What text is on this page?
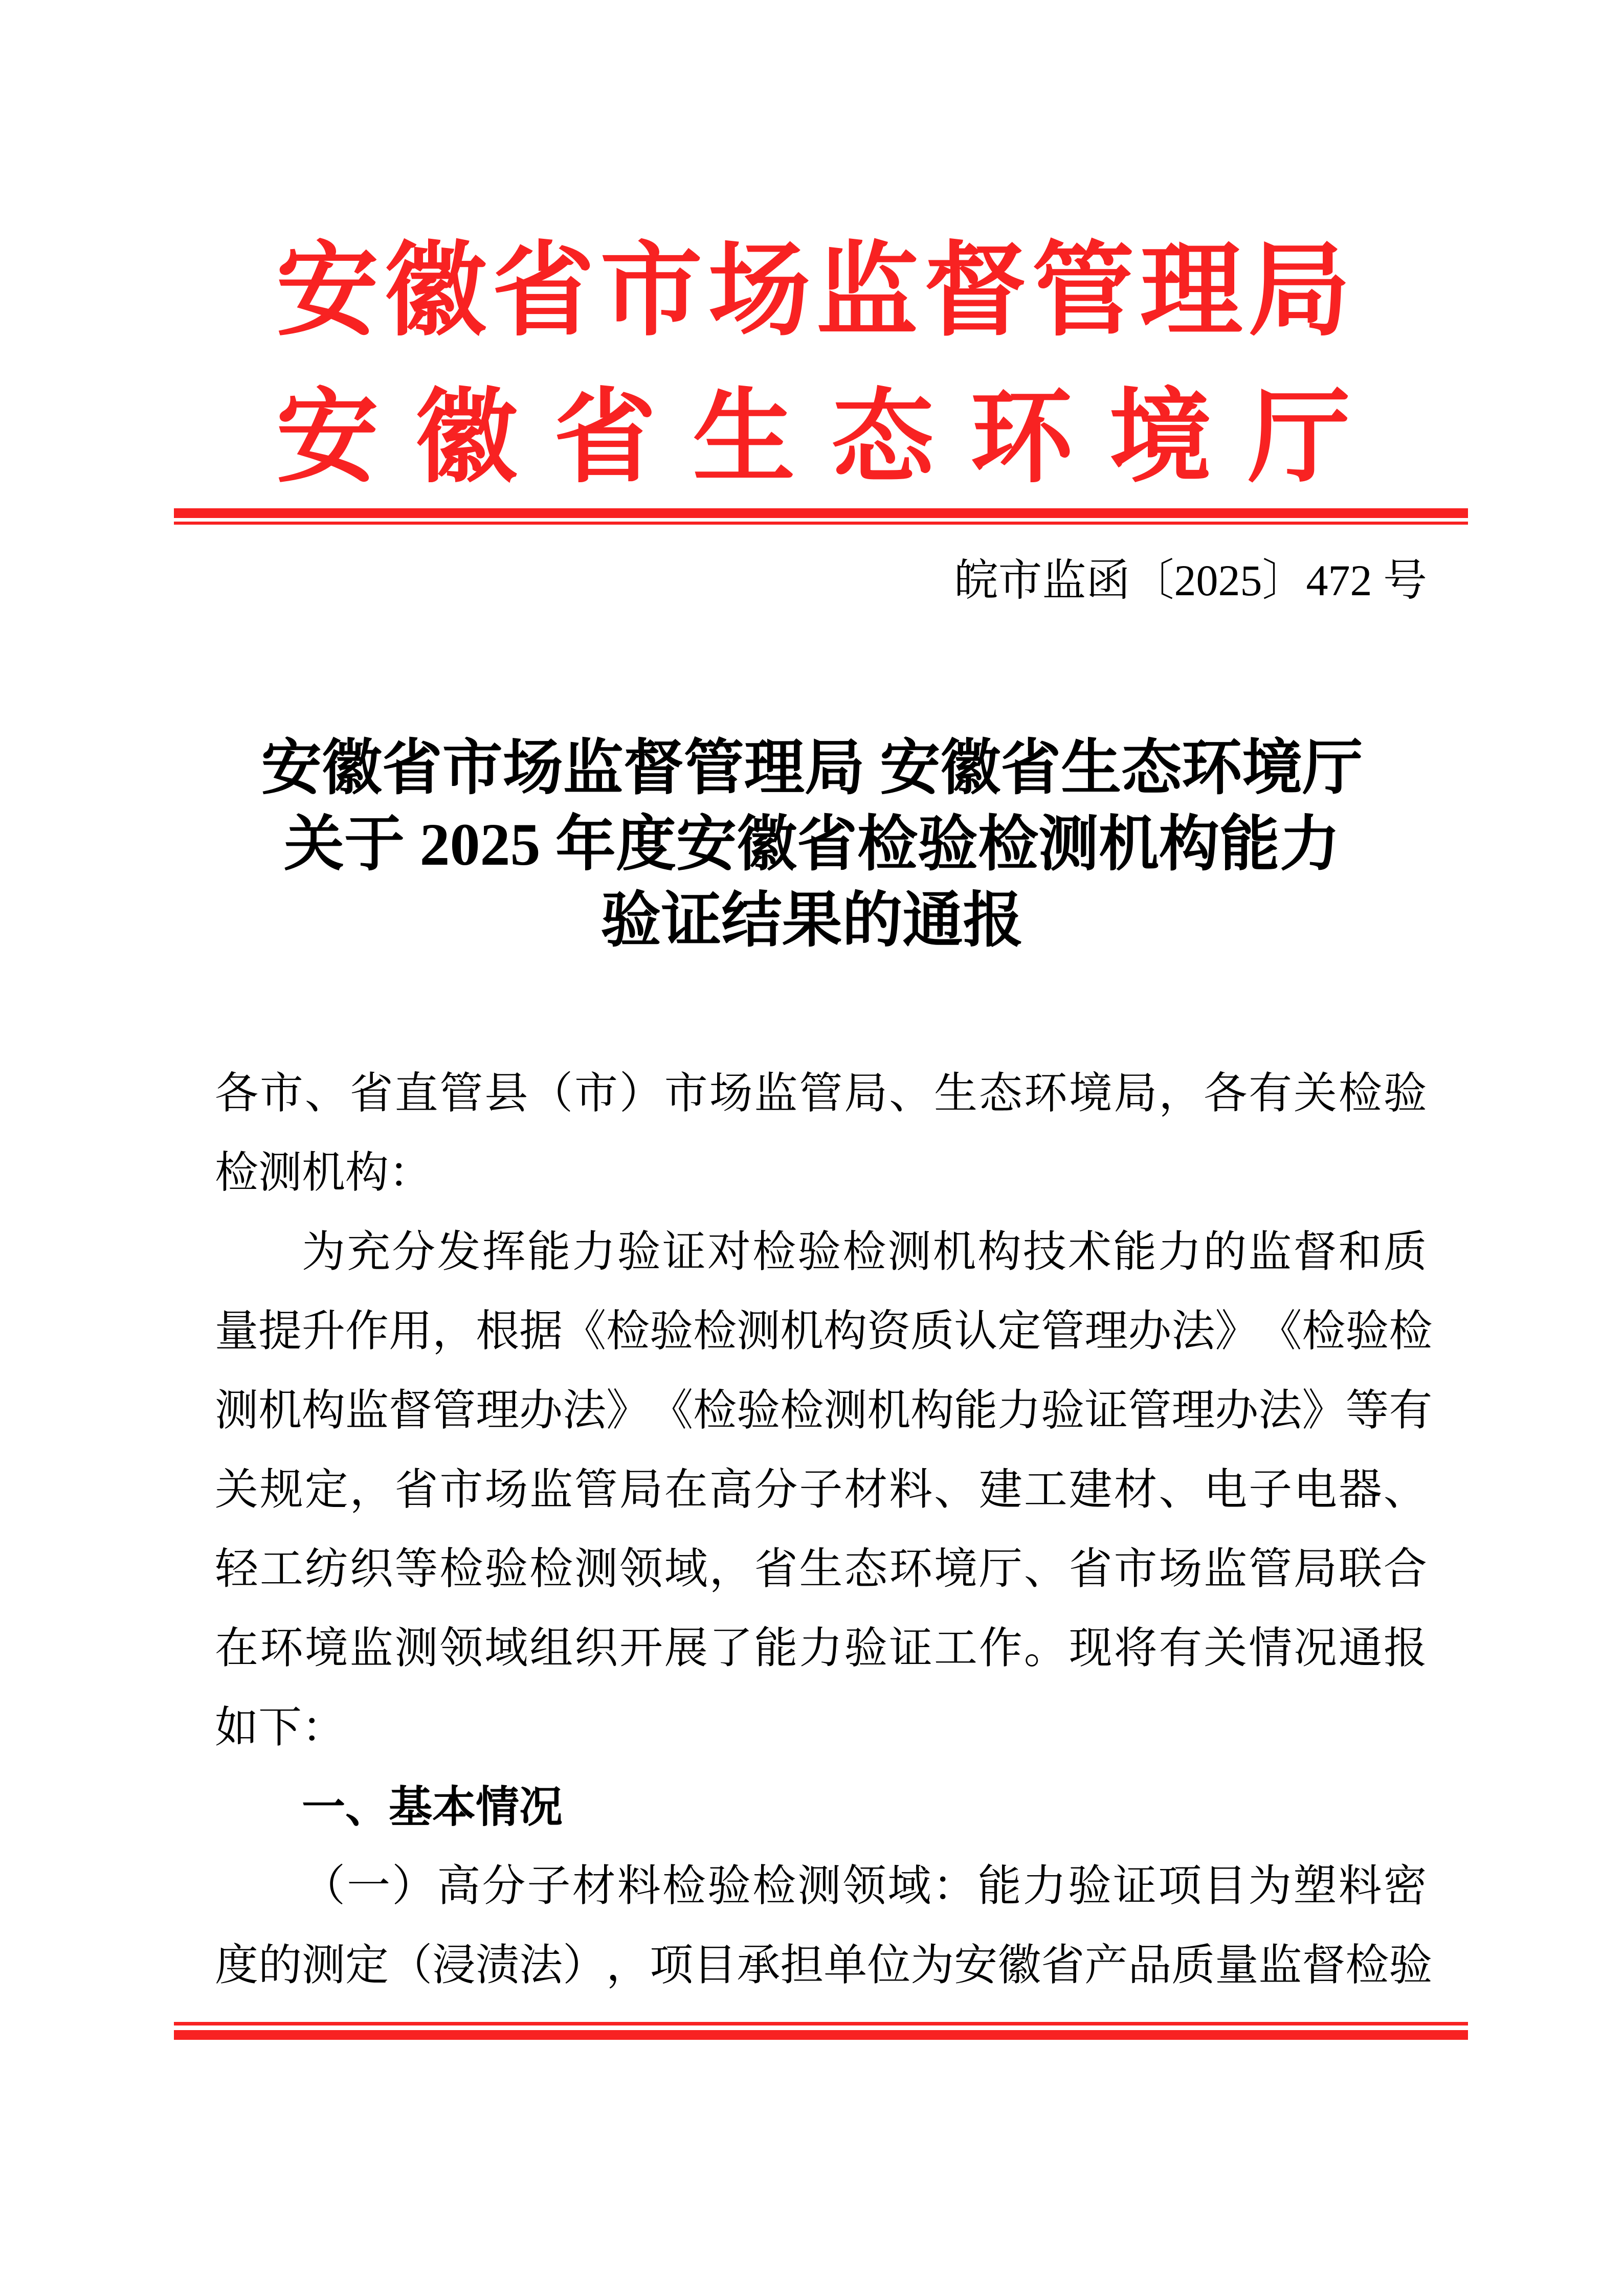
安 徽 省 市 场 监 督 管 理 局
安 徽 省 生 态 环 境 厅
皖市监函〔2025〕472 号
安徽省市场监督管理局 安徽省生态环境厅
关于 2025 年度安徽省检验检测机构能力
验证结果的通报
各 市 、 省 直 管 县 （ 市 ） 市 场 监 管 局 、 生 态 环 境 局 ， 各 有 关 检 验
检测机构：
为 充 分 发 挥 能 力 验 证 对 检 验 检 测 机 构 技 术 能 力 的 监 督 和 质
量 提 升 作 用 ， 根 据 《 检 验 检 测 机 构 资 质 认 定 管 理 办 法 》 《 检 验 检
测 机 构 监 督 管 理 办 法 》 《 检 验 检 测 机 构 能 力 验 证 管 理 办 法 》 等 有
关 规 定 ， 省 市 场 监 管 局 在 高 分 子 材 料 、 建 工 建 材 、 电 子 电 器 、
轻 工 纺 织 等 检 验 检 测 领 域 ， 省 生 态 环 境 厅 、 省 市 场 监 管 局 联 合
在 环 境 监 测 领 域 组 织 开 展 了 能 力 验 证 工 作 。 现 将 有 关 情 况 通 报
如下：
一、基本情况
（ 一 ） 高 分 子 材 料 检 验 检 测 领 域 ： 能 力 验 证 项 目 为 塑 料 密
度 的 测 定 （ 浸 渍 法 ） ， 项 目 承 担 单 位 为 安 徽 省 产 品 质 量 监 督 检 验
